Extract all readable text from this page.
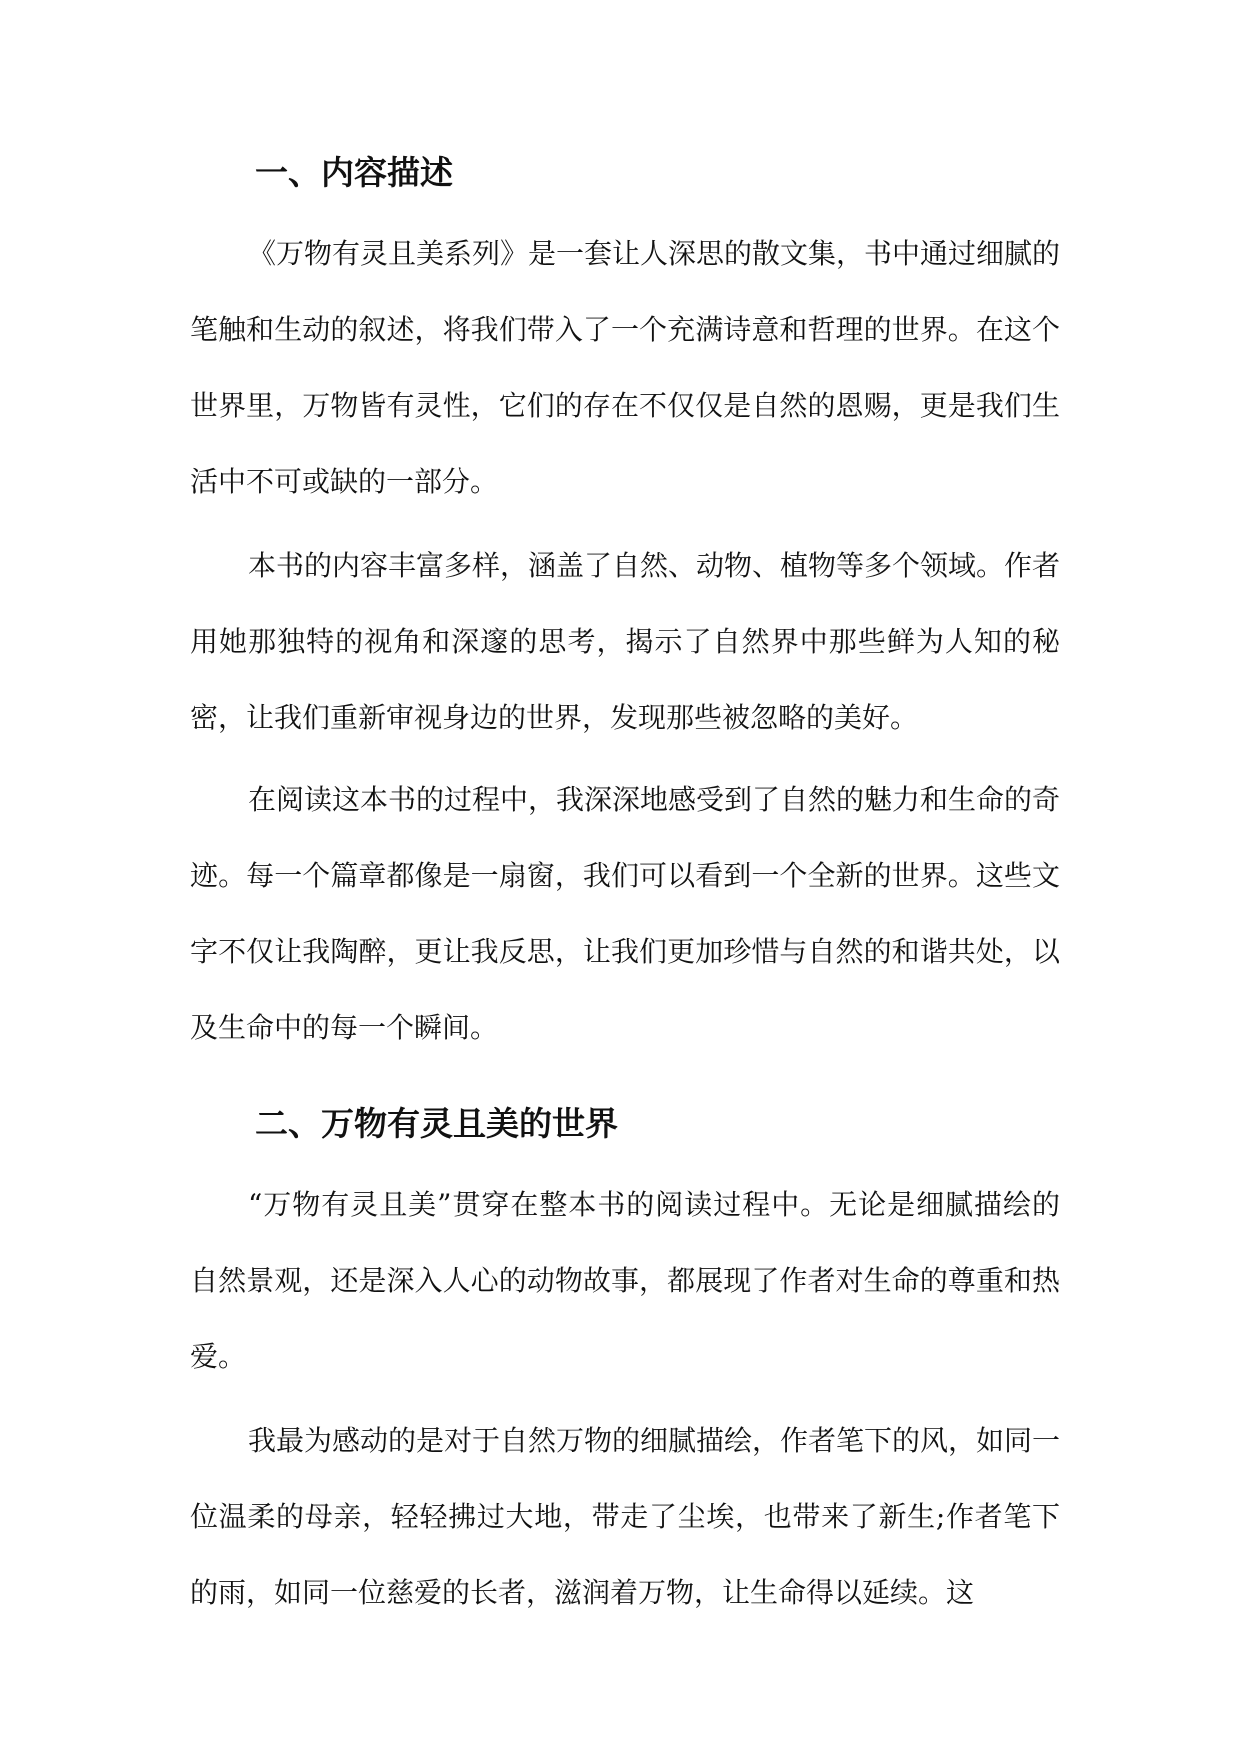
一、内容描述

《万物有灵且美系列》是一套让人深思的散文集，书中通过细腻的笔触和生动的叙述，将我们带入了一个充满诗意和哲理的世界。在这个世界里，万物皆有灵性，它们的存在不仅仅是自然的恩赐，更是我们生活中不可或缺的一部分。

本书的内容丰富多样，涵盖了自然、动物、植物等多个领域。作者用她那独特的视角和深邃的思考，揭示了自然界中那些鲜为人知的秘密，让我们重新审视身边的世界，发现那些被忽略的美好。

在阅读这本书的过程中，我深深地感受到了自然的魅力和生命的奇迹。每一个篇章都像是一扇窗，我们可以看到一个全新的世界。这些文字不仅让我陶醉，更让我反思，让我们更加珍惜与自然的和谐共处，以及生命中的每一个瞬间。

二、万物有灵且美的世界

“万物有灵且美”贯穿在整本书的阅读过程中。无论是细腻描绘的自然景观，还是深入人心的动物故事，都展现了作者对生命的尊重和热爱。

我最为感动的是对于自然万物的细腻描绘，作者笔下的风，如同一位温柔的母亲，轻轻拂过大地，带走了尘埃，也带来了新生;作者笔下的雨，如同一位慈爱的长者，滋润着万物，让生命得以延续。这
